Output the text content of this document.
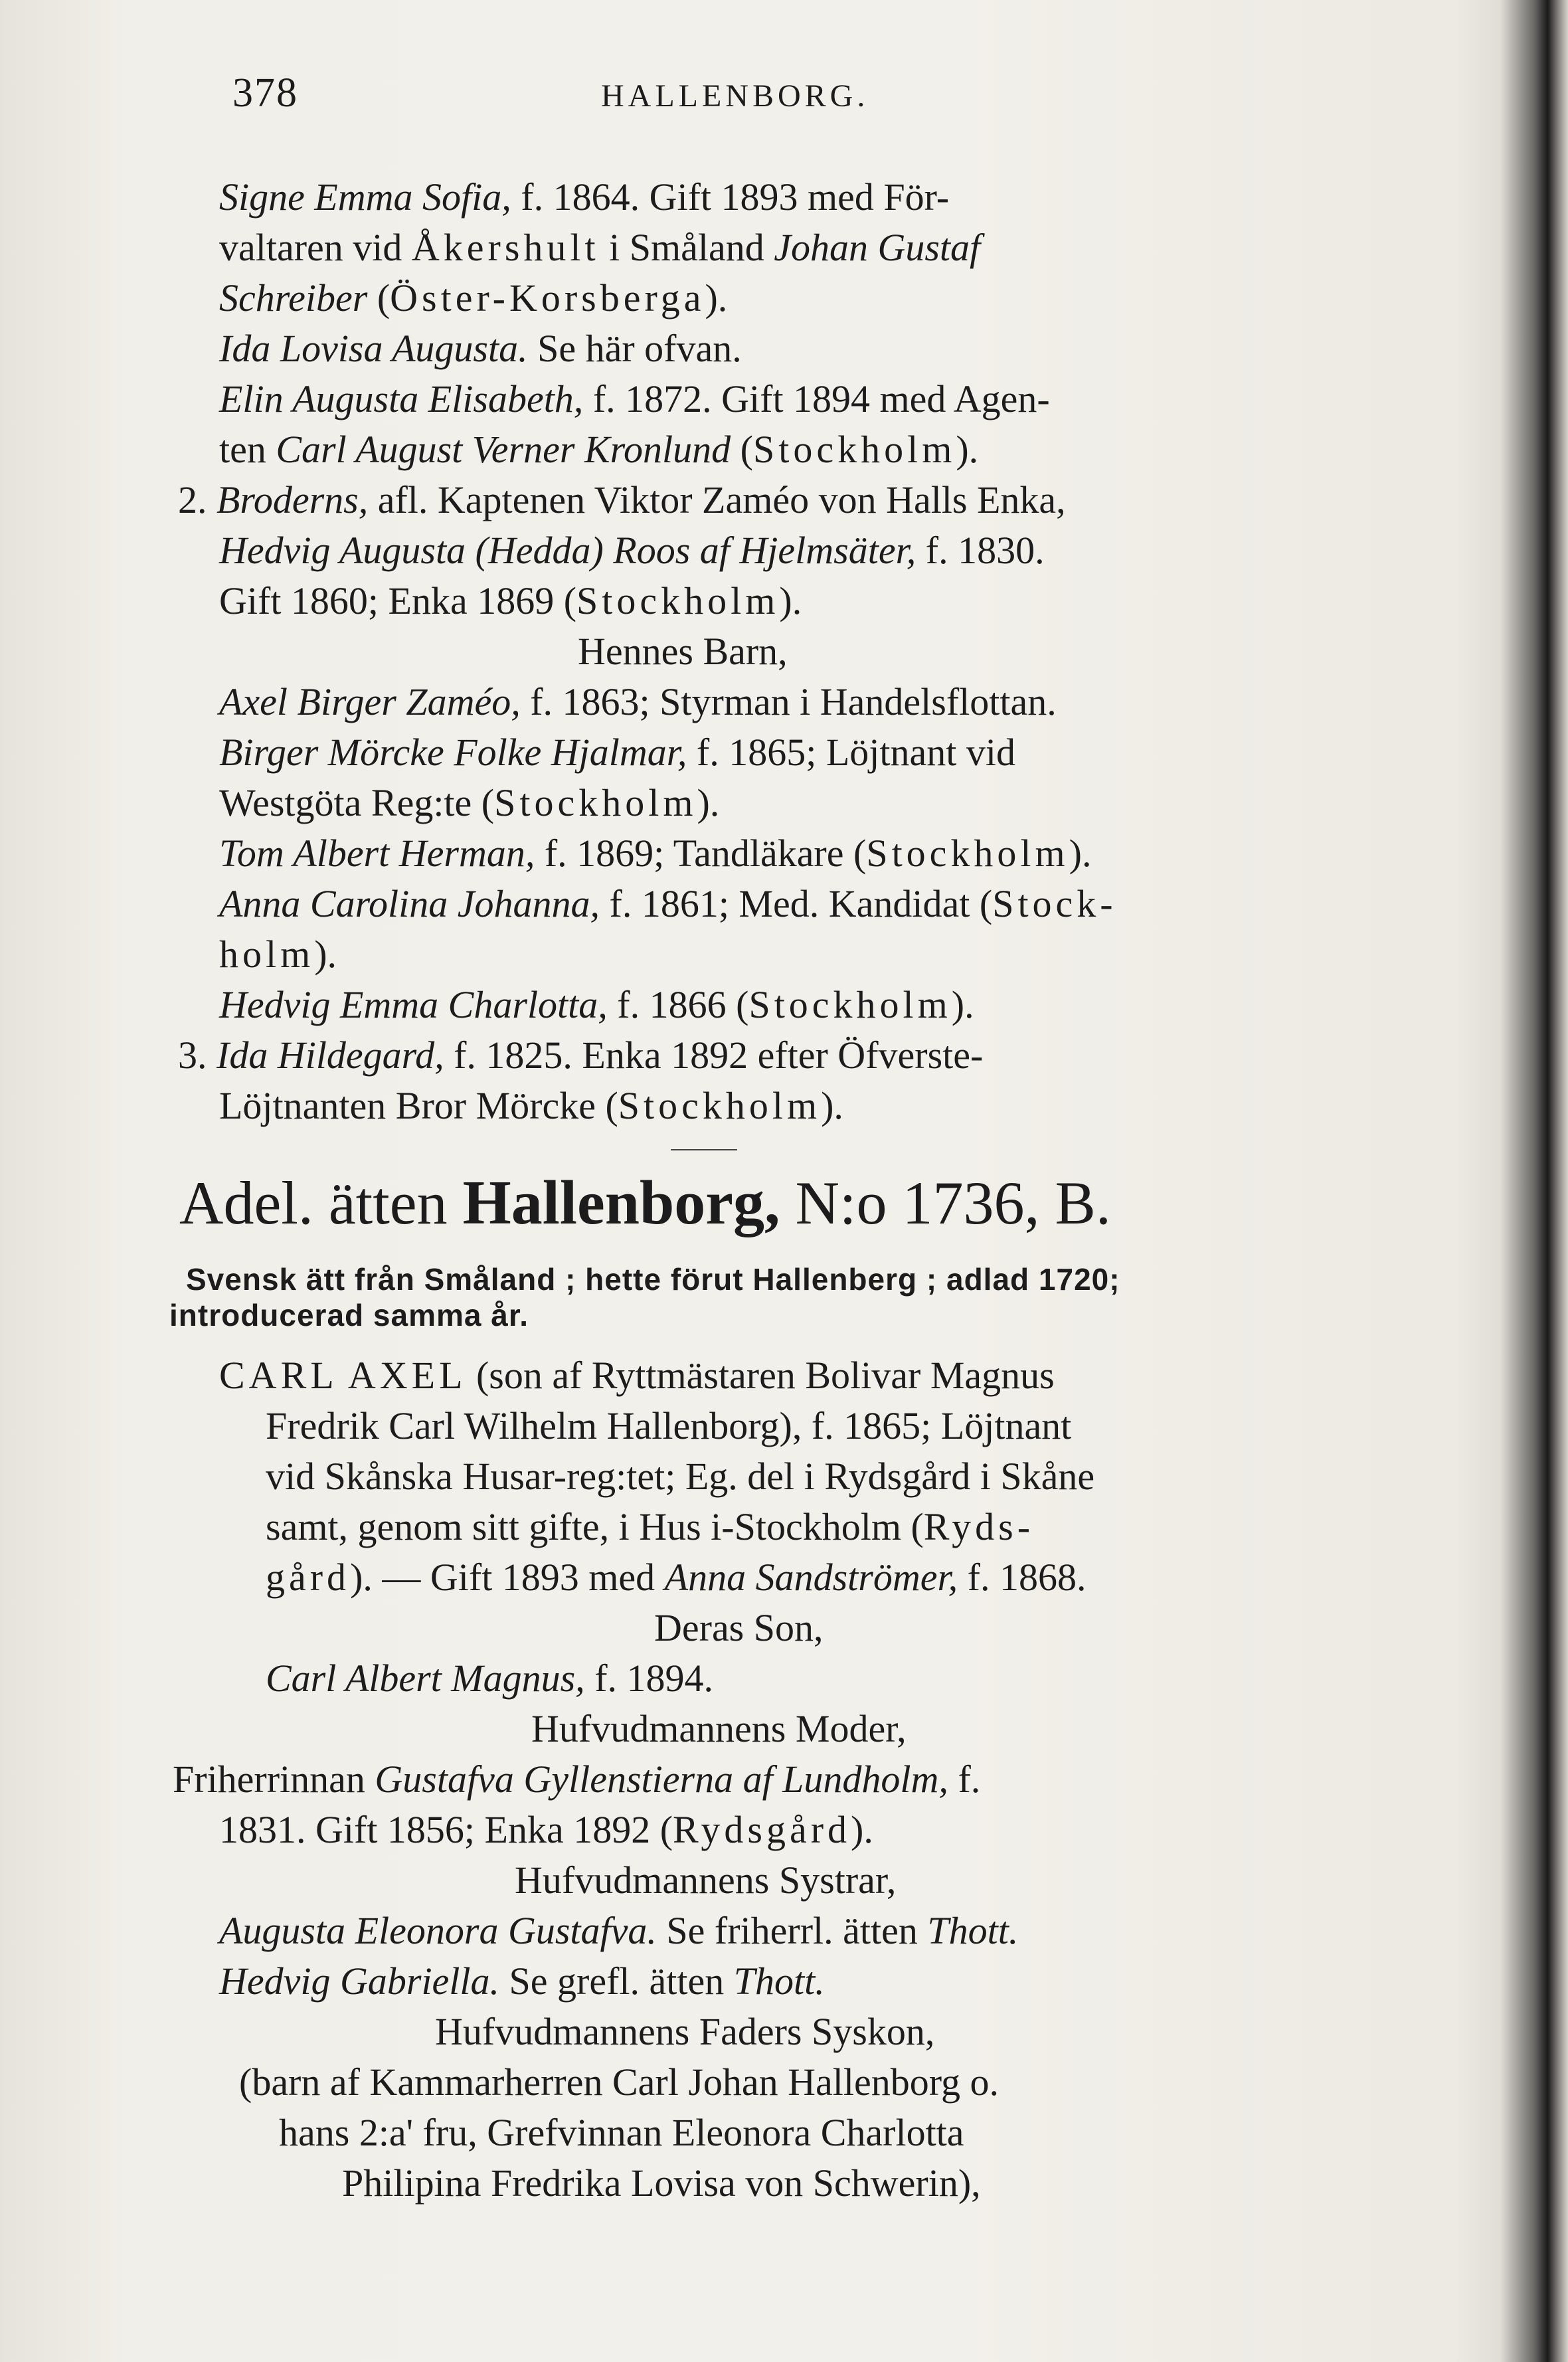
378	HALLENBORG.

Signe Emma Sofia, f. 1864. Gift 1893 med För-

valtaren vid Åkershult i Småland Johan Gustaf

Schreiber (Öster-Korsberga).

Ida Lovisa Augusta. Se här ofvan.

Elin Augusta Elisabeth, f. 1872. Gift 1894 med Agen-

ten Carl August Verner Kronlund (Stockholm).

2. Broderns, afl. Kaptenen Viktor Zaméo von Halls Enka,

Hedvig Augusta (Hedda) Roos af Hjelmsäter, f. 1830.

Gift 1860; Enka 1869 (Stockholm).

Hennes Barn,

Axel Birger Zaméo, f. 1863; Styrman i Handelsflottan.

Birger Mörcke Folke Hjalmar, f. 1865; Löjtnant vid

Westgöta Reg:te (Stockholm).

Tom Albert Herman, f. 1869; Tandläkare (Stockholm).

Anna Carolina Johanna, f. 1861; Med. Kandidat (Stock-

holm).

Hedvig Emma Charlotta, f. 1866 (Stockholm).

3. Ida Hildegard, f. 1825. Enka 1892 efter Öfverste-

Löjtnanten Bror Mörcke (Stockholm).

Adel. ätten Hallenborg, N:o 1736, B.

Svensk ätt från Småland ; hette förut Hallenberg ; adlad 1720;

introducerad samma år.

CARL AXEL (son af Ryttmästaren Bolivar Magnus

Fredrik Carl Wilhelm Hallenborg), f. 1865; Löjtnant

vid Skånska Husar-reg:tet; Eg. del i Rydsgård i Skåne

samt, genom sitt gifte, i Hus i-Stockholm (Ryds-

gård). — Gift 1893 med Anna Sandströmer, f. 1868.

Deras Son,

Carl Albert Magnus, f. 1894.

Hufvudmannens Moder,

Friherrinnan Gustafva Gyllenstierna af Lundholm, f.

1831. Gift 1856; Enka 1892 (Rydsgård).

Hufvudmannens Systrar,

Augusta Eleonora Gustafva. Se friherrl. ätten Thott.

Hedvig Gabriella. Se grefl. ätten Thott.

Hufvudmannens Faders Syskon,

(barn af Kammarherren Carl Johan Hallenborg o.

hans 2:a' fru, Grefvinnan Eleonora Charlotta

Philipina Fredrika Lovisa von Schwerin),
